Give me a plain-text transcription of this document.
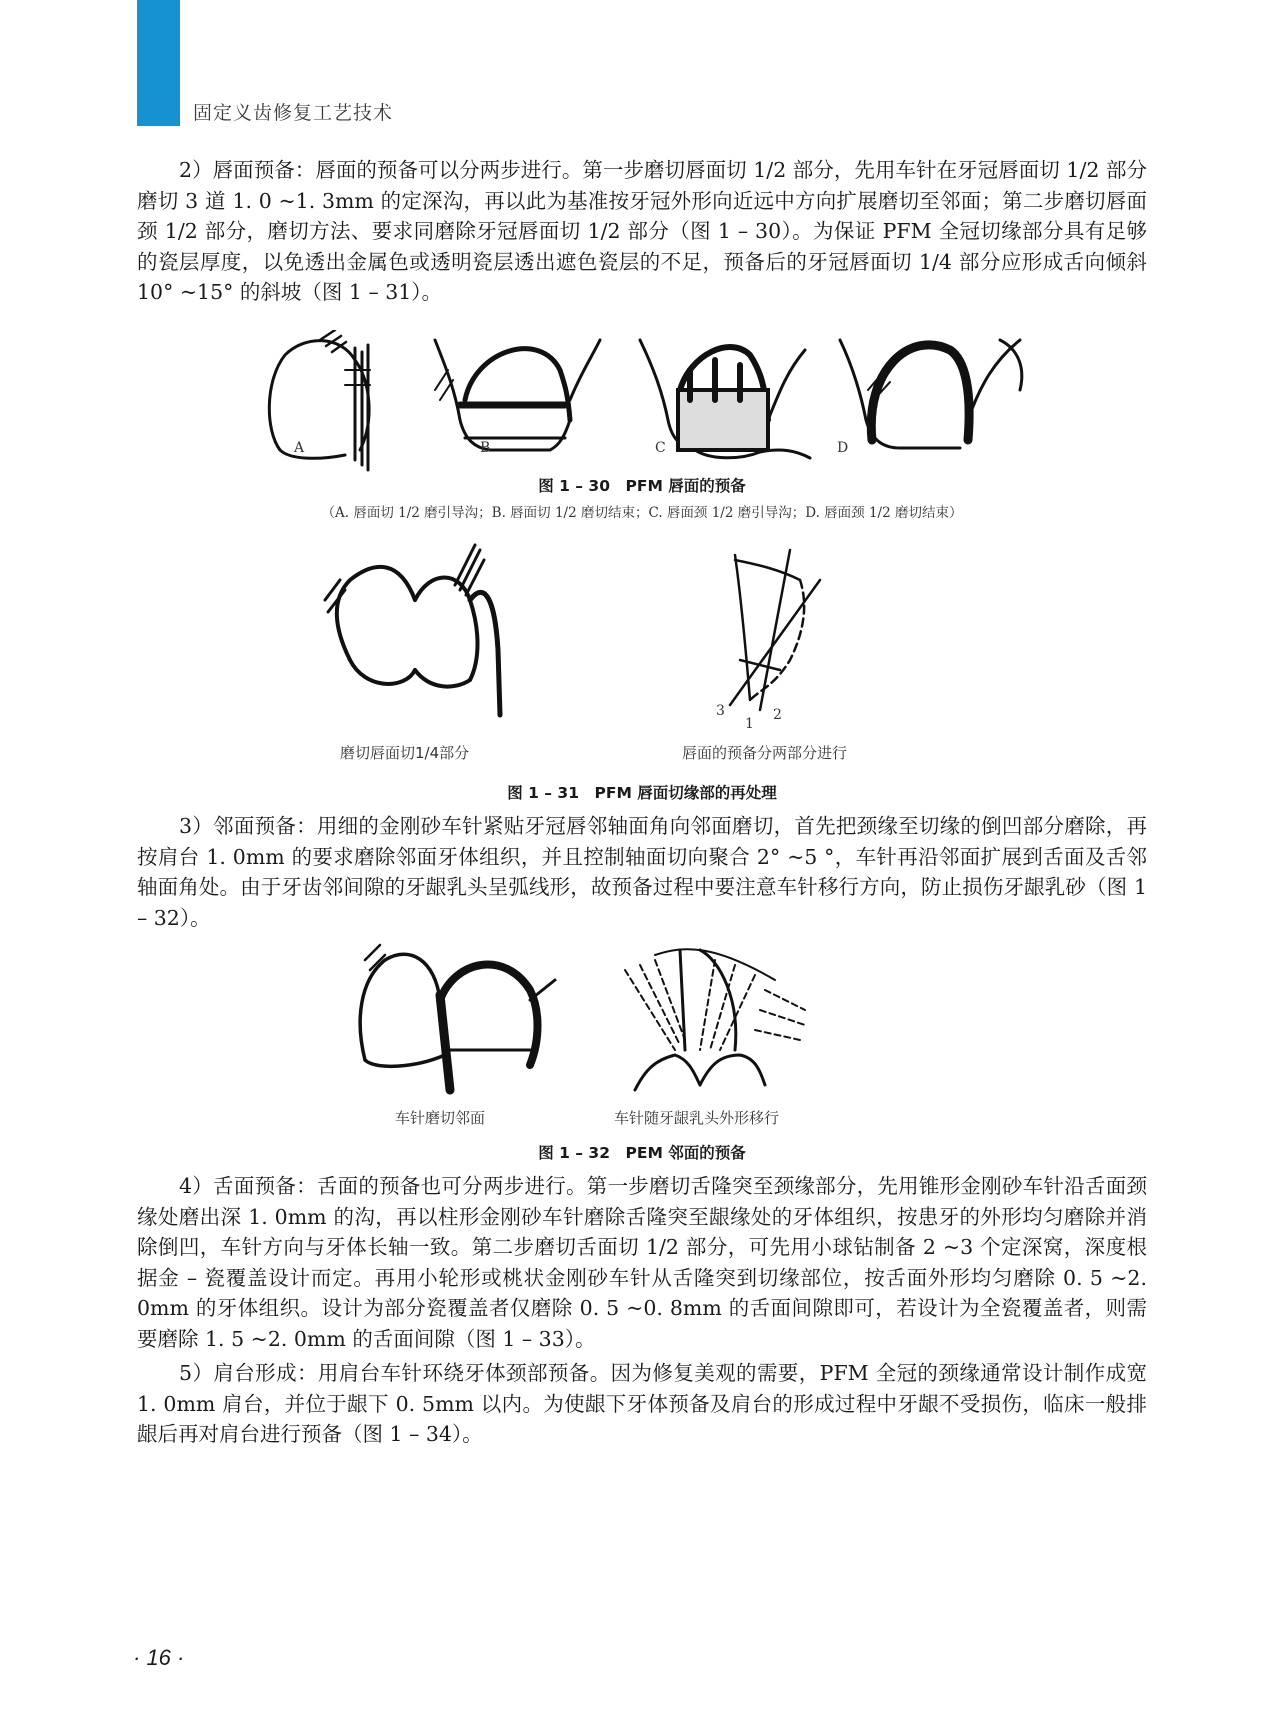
固定义齿修复工艺技术
2）唇面预备：唇面的预备可以分两步进行。第一步磨切唇面切 1/2 部分，先用车针在牙冠唇面切 1/2 部分磨切 3 道 1. 0 ~1. 3mm 的定深沟，再以此为基准按牙冠外形向近远中方向扩展磨切至邻面；第二步磨切唇面颈 1/2 部分，磨切方法、要求同磨除牙冠唇面切 1/2 部分（图 1 – 30）。为保证 PFM 全冠切缘部分具有足够的瓷层厚度，以免透出金属色或透明瓷层透出遮色瓷层的不足，预备后的牙冠唇面切 1/4 部分应形成舌向倾斜 10° ~15° 的斜坡（图 1 – 31）。
A	B	C	D
图 1 – 30　PFM 唇面的预备
（A. 唇面切 1/2 磨引导沟；B. 唇面切 1/2 磨切结束；C. 唇面颈 1/2 磨引导沟；D. 唇面颈 1/2 磨切结束）
3
1
2
磨切唇面切1/4部分	唇面的预备分两部分进行
图 1 – 31　PFM 唇面切缘部的再处理
3）邻面预备：用细的金刚砂车针紧贴牙冠唇邻轴面角向邻面磨切，首先把颈缘至切缘的倒凹部分磨除，再按肩台 1. 0mm 的要求磨除邻面牙体组织，并且控制轴面切向聚合 2° ~5 °，车针再沿邻面扩展到舌面及舌邻轴面角处。由于牙齿邻间隙的牙龈乳头呈弧线形，故预备过程中要注意车针移行方向，防止损伤牙龈乳砂（图 1 – 32）。
车针磨切邻面	车针随牙龈乳头外形移行
图 1 – 32　PEM 邻面的预备
4）舌面预备：舌面的预备也可分两步进行。第一步磨切舌隆突至颈缘部分，先用锥形金刚砂车针沿舌面颈缘处磨出深 1. 0mm 的沟，再以柱形金刚砂车针磨除舌隆突至龈缘处的牙体组织，按患牙的外形均匀磨除并消除倒凹，车针方向与牙体长轴一致。第二步磨切舌面切 1/2 部分，可先用小球钻制备 2 ~3 个定深窝，深度根据金 – 瓷覆盖设计而定。再用小轮形或桃状金刚砂车针从舌隆突到切缘部位，按舌面外形均匀磨除 0. 5 ~2. 0mm 的牙体组织。设计为部分瓷覆盖者仅磨除 0. 5 ~0. 8mm 的舌面间隙即可，若设计为全瓷覆盖者，则需要磨除 1. 5 ~2. 0mm 的舌面间隙（图 1 – 33）。
5）肩台形成：用肩台车针环绕牙体颈部预备。因为修复美观的需要，PFM 全冠的颈缘通常设计制作成宽 1. 0mm 肩台，并位于龈下 0. 5mm 以内。为使龈下牙体预备及肩台的形成过程中牙龈不受损伤，临床一般排龈后再对肩台进行预备（图 1 – 34）。
· 16 ·
